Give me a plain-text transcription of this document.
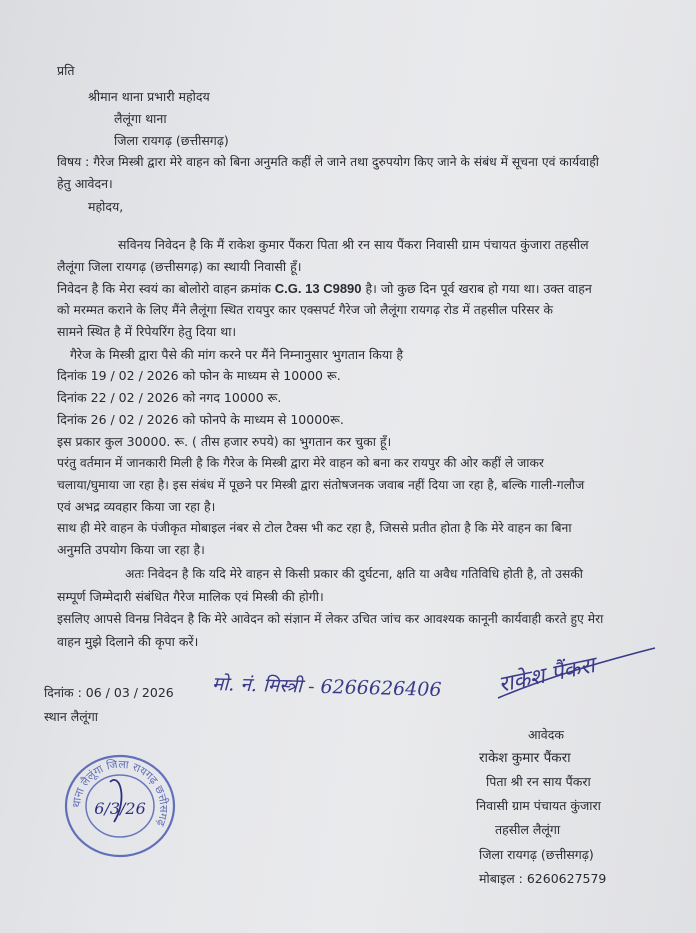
प्रति
श्रीमान थाना प्रभारी महोदय
लैलूंगा थाना
जिला रायगढ़ (छत्तीसगढ़)
विषय : गैरेज मिस्त्री द्वारा मेरे वाहन को बिना अनुमति कहीं ले जाने तथा दुरुपयोग किए जाने के संबंध में सूचना एवं कार्यवाही
हेतु आवेदन।
महोदय,
सविनय निवेदन है कि मैं राकेश कुमार पैंकरा पिता श्री रन साय पैंकरा निवासी ग्राम पंचायत कुंजारा तहसील
लैलूंगा जिला रायगढ़ (छत्तीसगढ़) का स्थायी निवासी हूँ।
निवेदन है कि मेरा स्वयं का बोलोरो वाहन क्रमांक C.G. 13 C9890 है। जो कुछ दिन पूर्व खराब हो गया था। उक्त वाहन
को मरम्मत कराने के लिए मैंने लैलूंगा स्थित रायपुर कार एक्सपर्ट गैरेज जो लैलूंगा रायगढ़ रोड में तहसील परिसर के
सामने स्थित है में रिपेयरिंग हेतु दिया था।
गैरेज के मिस्त्री द्वारा पैसे की मांग करने पर मैंने निम्नानुसार भुगतान किया है
दिनांक 19 / 02 / 2026 को फोन के माध्यम से 10000 रू.
दिनांक 22 / 02 / 2026 को नगद 10000 रू.
दिनांक 26 / 02 / 2026 को फोनपे के माध्यम से 10000रू.
इस प्रकार कुल 30000. रू. ( तीस हजार रुपये) का भुगतान कर चुका हूँ।
परंतु वर्तमान में जानकारी मिली है कि गैरेज के मिस्त्री द्वारा मेरे वाहन को बना कर रायपुर की ओर कहीं ले जाकर
चलाया/घुमाया जा रहा है। इस संबंध में पूछने पर मिस्त्री द्वारा संतोषजनक जवाब नहीं दिया जा रहा है, बल्कि गाली-गलौज
एवं अभद्र व्यवहार किया जा रहा है।
साथ ही मेरे वाहन के पंजीकृत मोबाइल नंबर से टोल टैक्स भी कट रहा है, जिससे प्रतीत होता है कि मेरे वाहन का बिना
अनुमति उपयोग किया जा रहा है।
अतः निवेदन है कि यदि मेरे वाहन से किसी प्रकार की दुर्घटना, क्षति या अवैध गतिविधि होती है, तो उसकी
सम्पूर्ण जिम्मेदारी संबंधित गैरेज मालिक एवं मिस्त्री की होगी।
इसलिए आपसे विनम्र निवेदन है कि मेरे आवेदन को संज्ञान में लेकर उचित जांच कर आवश्यक कानूनी कार्यवाही करते हुए मेरा
वाहन मुझे दिलाने की कृपा करें।
दिनांक : 06 / 03 / 2026
स्थान लैलूंगा
मो. नं. मिस्त्री - 6266626406 राकेश पैंकरा
आवेदक
राकेश कुमार पैंकरा
पिता श्री रन साय पैंकरा
निवासी ग्राम पंचायत कुंजारा
तहसील लैलूंगा
जिला रायगढ़ (छत्तीसगढ़)
मोबाइल : 6260627579
थाना लैलूंगा जिला रायगढ़ छत्तीसगढ़
6/3/26
